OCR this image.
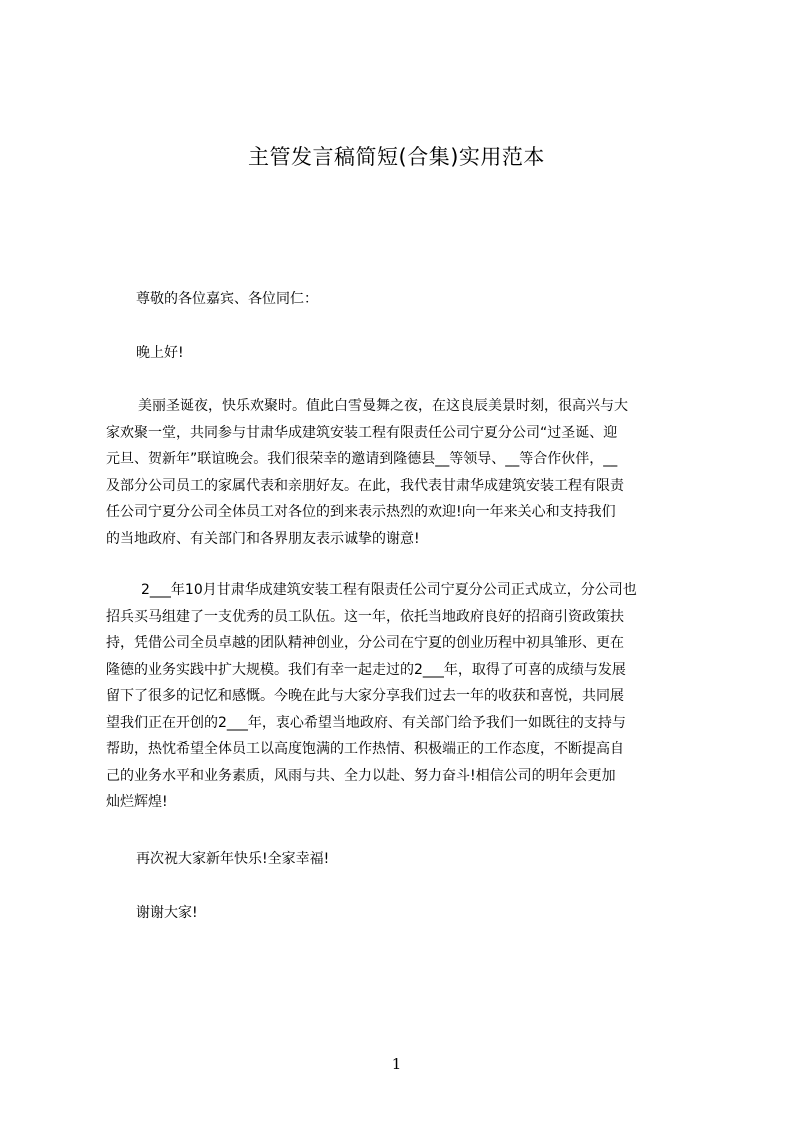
主管发言稿简短(合集)实用范本

尊敬的各位嘉宾、各位同仁：

晚上好!

美丽圣诞夜，快乐欢聚时。值此白雪曼舞之夜，在这良辰美景时刻，很高兴与大
家欢聚一堂，共同参与甘肃华成建筑安装工程有限责任公司宁夏分公司“过圣诞、迎
元旦、贺新年”联谊晚会。我们很荣幸的邀请到隆德县__等领导、__等合作伙伴，__
及部分公司员工的家属代表和亲朋好友。在此，我代表甘肃华成建筑安装工程有限责
任公司宁夏分公司全体员工对各位的到来表示热烈的欢迎!向一年来关心和支持我们
的当地政府、有关部门和各界朋友表示诚挚的谢意!
2___年10月甘肃华成建筑安装工程有限责任公司宁夏分公司正式成立，分公司也
招兵买马组建了一支优秀的员工队伍。这一年，依托当地政府良好的招商引资政策扶
持，凭借公司全员卓越的团队精神创业，分公司在宁夏的创业历程中初具雏形、更在
隆德的业务实践中扩大规模。我们有幸一起走过的2___年，取得了可喜的成绩与发展
留下了很多的记忆和感慨。今晚在此与大家分享我们过去一年的收获和喜悦，共同展
望我们正在开创的2___年，衷心希望当地政府、有关部门给予我们一如既往的支持与
帮助，热忱希望全体员工以高度饱满的工作热情、积极端正的工作态度，不断提高自
己的业务水平和业务素质，风雨与共、全力以赴、努力奋斗!相信公司的明年会更加
灿烂辉煌!

再次祝大家新年快乐!全家幸福!

谢谢大家!

1
